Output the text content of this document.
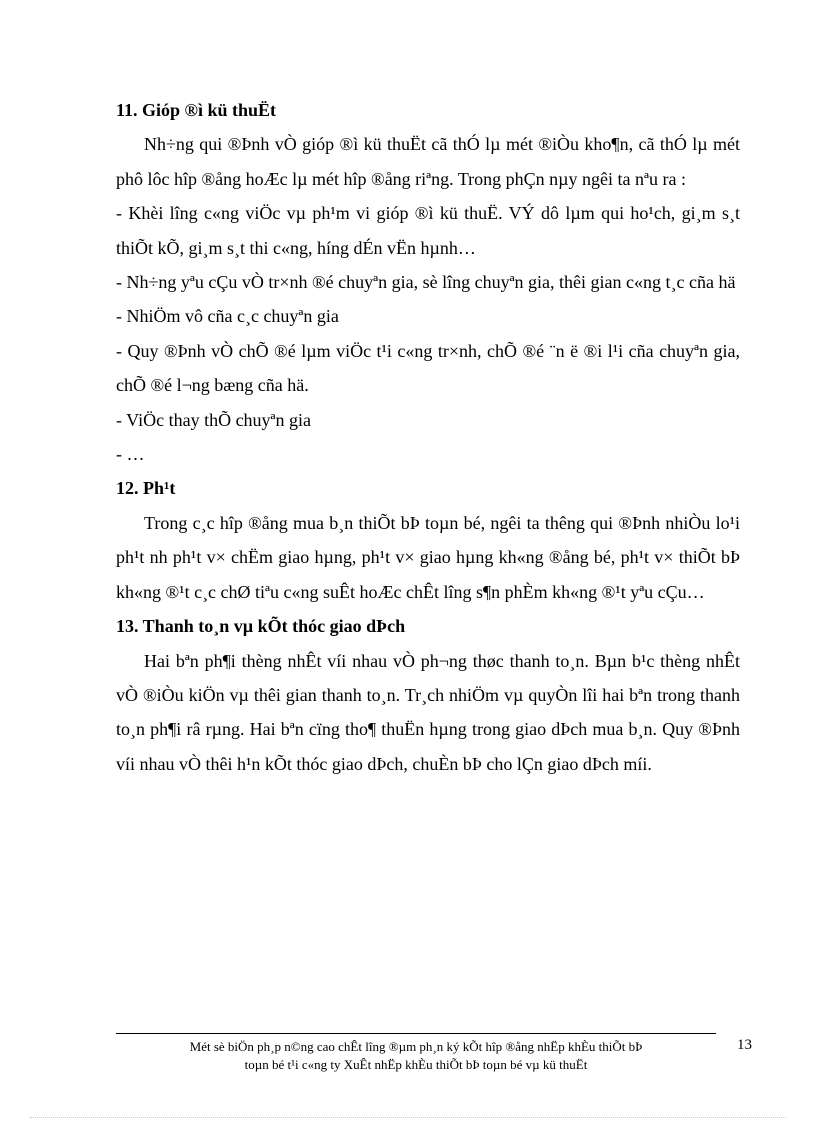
11. Gióp ®ì kü thuËt

Nh÷ng qui ®Þnh vÒ gióp ®ì kü thuËt cã thÓ lµ mét ®iÒu kho¶n, cã thÓ lµ mét phô lôc hîp ®ång hoÆc lµ mét hîp ®ång riªng. Trong phÇn nµy ngêi ta nªu ra :

- Khèi lîng c«ng viÖc vµ ph¹m vi gióp ®ì kü thuË. VÝ dô lµm qui ho¹ch, gi¸m s¸t thiÕt kÕ, gi¸m s¸t thi c«ng, híng dÉn vËn hµnh…

- Nh÷ng yªu cÇu vÒ tr×nh ®é chuyªn gia, sè lîng chuyªn gia, thêi gian c«ng t¸c cña hä

- NhiÖm vô cña c¸c chuyªn gia

- Quy ®Þnh vÒ chÕ ®é lµm viÖc t¹i c«ng tr×nh, chÕ ®é ¨n ë ®i l¹i cña chuyªn gia, chÕ ®é l¬ng bæng cña hä.

- ViÖc thay thÕ chuyªn gia

- …

12. Ph¹t

Trong c¸c hîp ®ång mua b¸n thiÕt bÞ toµn bé, ngêi ta thêng qui ®Þnh nhiÒu lo¹i ph¹t nh ph¹t v× chËm giao hµng, ph¹t v× giao hµng kh«ng ®ång bé, ph¹t v× thiÕt bÞ kh«ng ®¹t c¸c chØ tiªu c«ng suÊt hoÆc chÊt lîng s¶n phÈm kh«ng ®¹t yªu cÇu…

13. Thanh to¸n vµ kÕt thóc giao dÞch

Hai bªn ph¶i thèng nhÊt víi nhau vÒ ph¬ng thøc thanh to¸n. Bµn b¹c thèng nhÊt vÒ ®iÒu kiÖn vµ thêi gian thanh to¸n. Tr¸ch nhiÖm vµ quyÒn lîi hai bªn trong thanh to¸n ph¶i râ rµng. Hai bªn cïng tho¶ thuËn hµng trong giao dÞch mua b¸n. Quy ®Þnh víi nhau vÒ thêi h¹n kÕt thóc giao dÞch, chuÈn bÞ cho lÇn giao dÞch míi.

Mét sè biÖn ph¸p n©ng cao chÊt lîng ®µm ph¸n ký kÕt hîp ®ång nhËp khÈu thiÕt bÞ
toµn bé t¹i c«ng ty XuÊt nhËp khÈu thiÕt bÞ toµn bé vµ kü thuËt
13
